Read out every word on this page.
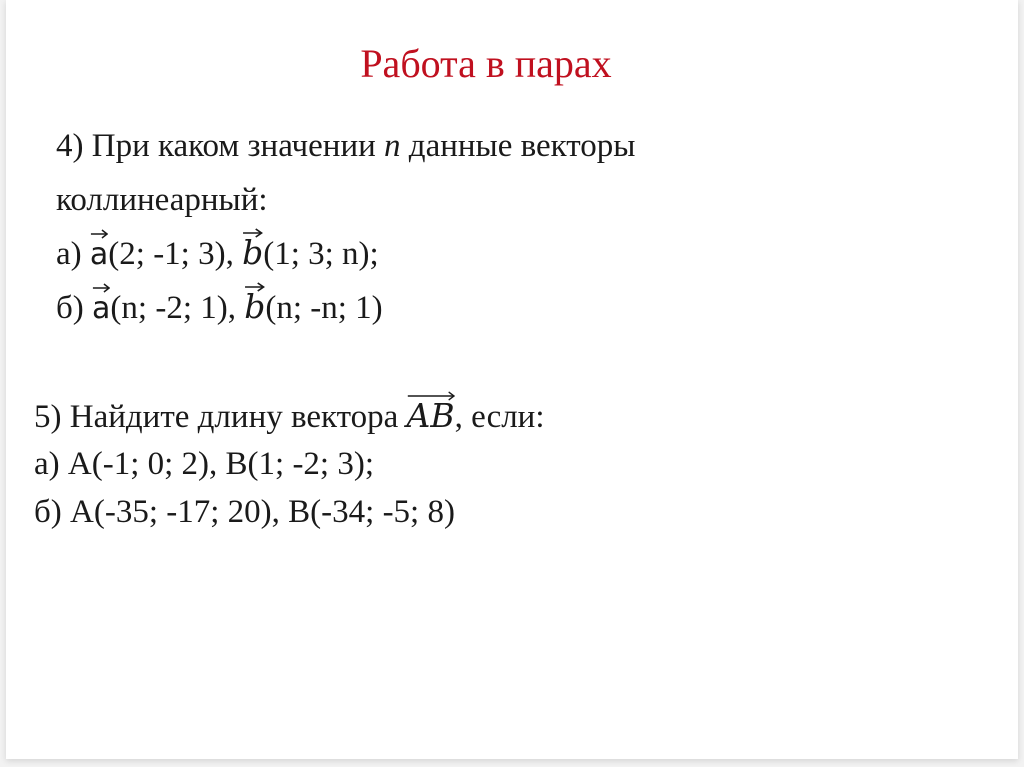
Работа в парах
4) При каком значении n данные векторы
коллинеарный:
а)
a(2; -1; 3),
b(1; 3; n);
б)
a(n; -2; 1),
b(n; -n; 1)
5) Найдите длину вектора
AB, если:
а) A(-1; 0; 2), B(1; -2; 3);
б) A(-35; -17; 20), B(-34; -5; 8)
